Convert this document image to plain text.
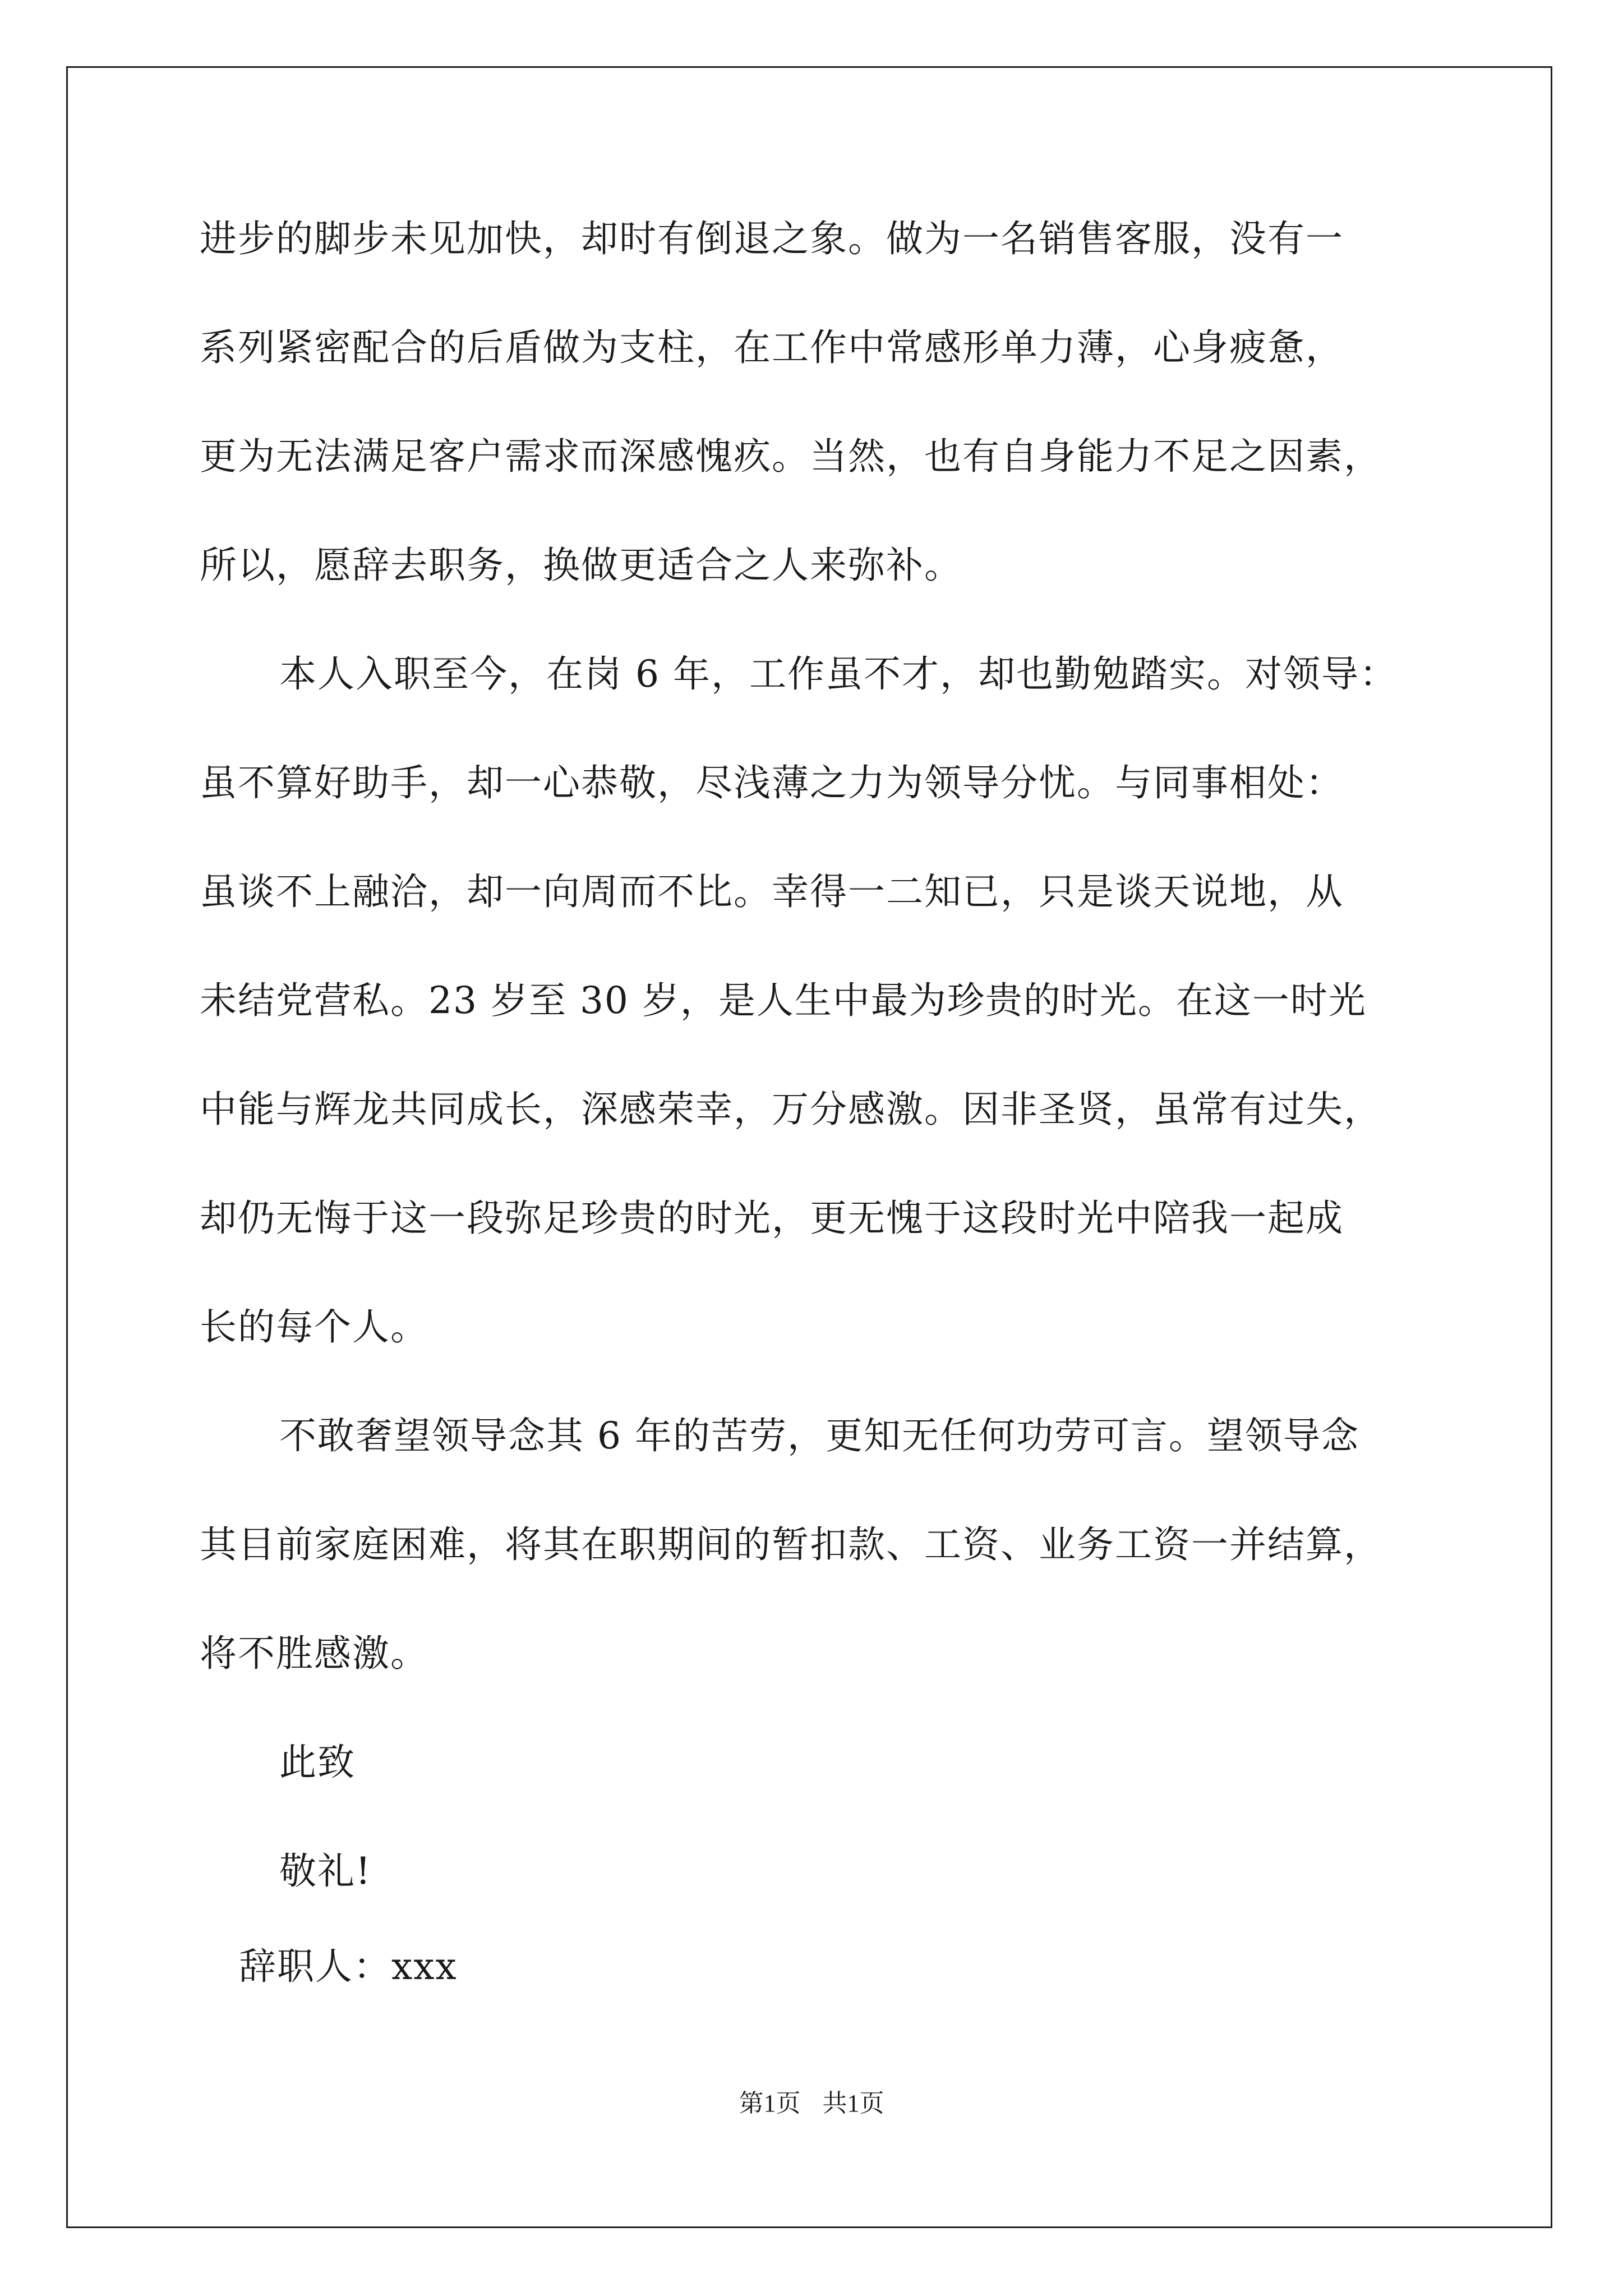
进步的脚步未见加快，却时有倒退之象。做为一名销售客服，没有一
系列紧密配合的后盾做为支柱，在工作中常感形单力薄，心身疲惫，
更为无法满足客户需求而深感愧疚。当然，也有自身能力不足之因素，
所以，愿辞去职务，换做更适合之人来弥补。
本人入职至今，在岗 6 年，工作虽不才，却也勤勉踏实。对领导：
虽不算好助手，却一心恭敬，尽浅薄之力为领导分忧。与同事相处：
虽谈不上融洽，却一向周而不比。幸得一二知已，只是谈天说地，从
未结党营私。23 岁至 30 岁，是人生中最为珍贵的时光。在这一时光
中能与辉龙共同成长，深感荣幸，万分感激。因非圣贤，虽常有过失，
却仍无悔于这一段弥足珍贵的时光，更无愧于这段时光中陪我一起成
长的每个人。
不敢奢望领导念其 6 年的苦劳，更知无任何功劳可言。望领导念
其目前家庭困难，将其在职期间的暂扣款、工资、业务工资一并结算，
将不胜感激。
此致
敬礼!
辞职人：xxx
第1页 共1页
